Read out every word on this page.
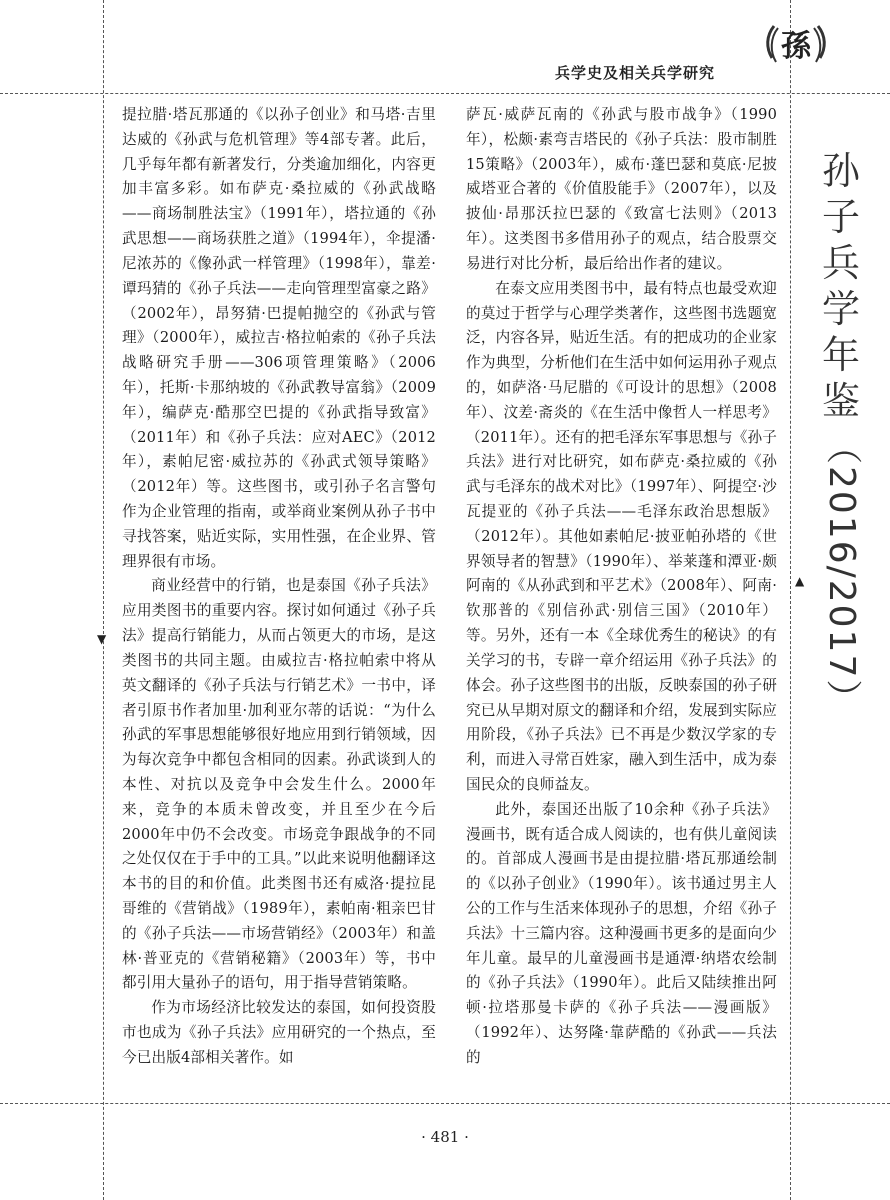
兵学史及相关兵学研究
孫

提拉腊·塔瓦那通的《以孙子创业》和马塔·吉里达威的《孙武与危机管理》等4部专著。此后，几乎每年都有新著发行，分类逾加细化，内容更加丰富多彩。如布萨克·桑拉威的《孙武战略——商场制胜法宝》（1991年），塔拉通的《孙武思想——商场获胜之道》（1994年），伞提潘·尼浓苏的《像孙武一样管理》（1998年），靠差·谭玛猜的《孙子兵法——走向管理型富豪之路》（2002年），昂努猜·巴提帕抛空的《孙武与管理》（2000年），威拉吉·格拉帕索的《孙子兵法战略研究手册——306项管理策略》（2006年），托斯·卡那纳坡的《孙武教导富翁》（2009年），编萨克·酷那空巴提的《孙武指导致富》（2011年）和《孙子兵法：应对AEC》（2012年），素帕尼密·威拉苏的《孙武式领导策略》（2012年）等。这些图书，或引孙子名言警句作为企业管理的指南，或举商业案例从孙子书中寻找答案，贴近实际，实用性强，在企业界、管理界很有市场。

商业经营中的行销，也是泰国《孙子兵法》应用类图书的重要内容。探讨如何通过《孙子兵法》提高行销能力，从而占领更大的市场，是这类图书的共同主题。由威拉吉·格拉帕索中将从英文翻译的《孙子兵法与行销艺术》一书中，译者引原书作者加里·加利亚尔蒂的话说：“为什么孙武的军事思想能够很好地应用到行销领域，因为每次竞争中都包含相同的因素。孙武谈到人的本性、对抗以及竞争中会发生什么。2000年来，竞争的本质未曾改变，并且至少在今后2000年中仍不会改变。市场竞争跟战争的不同之处仅仅在于手中的工具。”以此来说明他翻译这本书的目的和价值。此类图书还有威洛·提拉昆哥维的《营销战》（1989年），素帕南·粗亲巴甘的《孙子兵法——市场营销经》（2003年）和盖林·普亚克的《营销秘籍》（2003年）等，书中都引用大量孙子的语句，用于指导营销策略。

作为市场经济比较发达的泰国，如何投资股市也成为《孙子兵法》应用研究的一个热点，至今已出版4部相关著作。如

萨瓦·威萨瓦南的《孙武与股市战争》（1990年），松颇·素弯吉塔民的《孙子兵法：股市制胜15策略》（2003年），威布·蓬巴瑟和莫底·尼披威塔亚合著的《价值股能手》（2007年），以及披仙·昂那沃拉巴瑟的《致富七法则》（2013年）。这类图书多借用孙子的观点，结合股票交易进行对比分析，最后给出作者的建议。

在泰文应用类图书中，最有特点也最受欢迎的莫过于哲学与心理学类著作，这些图书选题宽泛，内容各异，贴近生活。有的把成功的企业家作为典型，分析他们在生活中如何运用孙子观点的，如萨洛·马尼腊的《可设计的思想》（2008年）、汶差·斋炎的《在生活中像哲人一样思考》（2011年）。还有的把毛泽东军事思想与《孙子兵法》进行对比研究，如布萨克·桑拉威的《孙武与毛泽东的战术对比》（1997年）、阿提空·沙瓦提亚的《孙子兵法——毛泽东政治思想版》（2012年）。其他如素帕尼·披亚帕孙塔的《世界领导者的智慧》（1990年）、举莱蓬和潭亚·颇阿南的《从孙武到和平艺术》（2008年）、阿南·钦那普的《别信孙武·别信三国》（2010年）等。另外，还有一本《全球优秀生的秘诀》的有关学习的书，专辟一章介绍运用《孙子兵法》的体会。孙子这些图书的出版，反映泰国的孙子研究已从早期对原文的翻译和介绍，发展到实际应用阶段，《孙子兵法》已不再是少数汉学家的专利，而进入寻常百姓家，融入到生活中，成为泰国民众的良师益友。

此外，泰国还出版了10余种《孙子兵法》漫画书，既有适合成人阅读的，也有供儿童阅读的。首部成人漫画书是由提拉腊·塔瓦那通绘制的《以孙子创业》（1990年）。该书通过男主人公的工作与生活来体现孙子的思想，介绍《孙子兵法》十三篇内容。这种漫画书更多的是面向少年儿童。最早的儿童漫画书是通潭·纳塔农绘制的《孙子兵法》（1990年）。此后又陆续推出阿顿·拉塔那曼卡萨的《孙子兵法——漫画版》（1992年）、达努隆·靠萨酷的《孙武——兵法的

孙
子
兵
学
年
鉴
（2016/2017）
▼
▲
· 481 ·
